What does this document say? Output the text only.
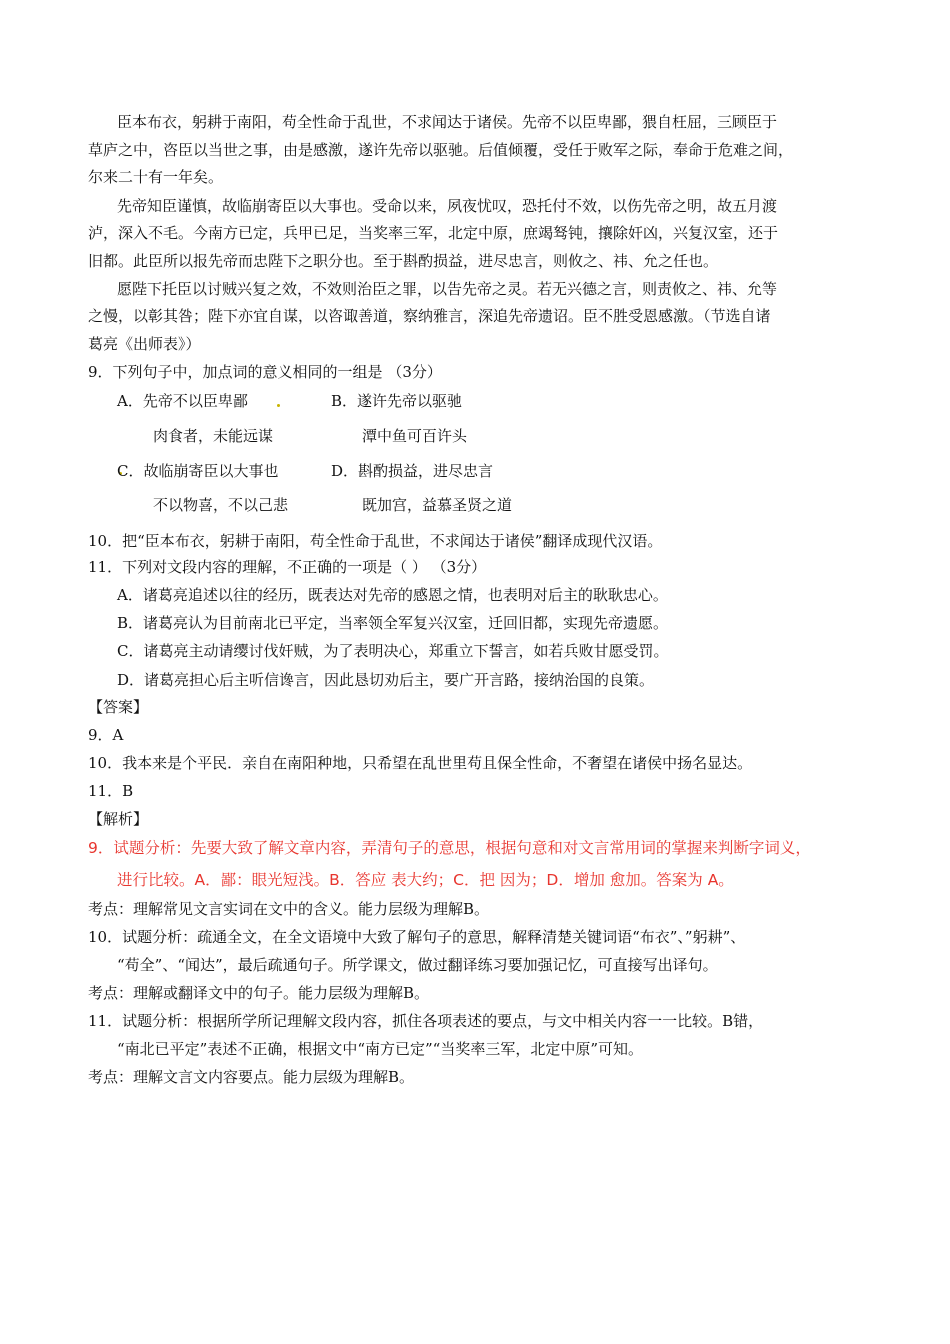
臣本布衣，躬耕于南阳，苟全性命于乱世，不求闻达于诸侯。先帝不以臣卑鄙，猥自枉屈，三顾臣于
草庐之中，咨臣以当世之事，由是感激，遂许先帝以驱驰。后值倾覆，受任于败军之际，奉命于危难之间，
尔来二十有一年矣。
先帝知臣谨慎，故临崩寄臣以大事也。受命以来，夙夜忧叹，恐托付不效，以伤先帝之明，故五月渡
泸，深入不毛。今南方已定，兵甲已足，当奖率三军，北定中原，庶竭驽钝，攘除奸凶，兴复汉室，还于
旧都。此臣所以报先帝而忠陛下之职分也。至于斟酌损益，进尽忠言，则攸之、祎、允之任也。
愿陛下托臣以讨贼兴复之效，不效则治臣之罪，以告先帝之灵。若无兴德之言，则责攸之、祎、允等
之慢，以彰其咎；陛下亦宜自谋，以咨诹善道，察纳雅言，深追先帝遗诏。臣不胜受恩感激。（节选自诸
葛亮《出师表》）
9．下列句子中，加点词的意义相同的一组是 （3分）
A．先帝不以臣卑鄙	B．遂许先帝以驱驰
肉食者，未能远谋	潭中鱼可百许头
C．故临崩寄臣以大事也	D．斟酌损益，进尽忠言
不以物喜，不以己悲	既加宫，益慕圣贤之道
10．把“臣本布衣，躬耕于南阳，苟全性命于乱世，不求闻达于诸侯”翻译成现代汉语。
11．下列对文段内容的理解，不正确的一项是（ ） （3分）
A．诸葛亮追述以往的经历，既表达对先帝的感恩之情，也表明对后主的耿耿忠心。
B．诸葛亮认为目前南北已平定，当率领全军复兴汉室，迁回旧都，实现先帝遗愿。
C．诸葛亮主动请缨讨伐奸贼，为了表明决心，郑重立下誓言，如若兵败甘愿受罚。
D．诸葛亮担心后主听信谗言，因此恳切劝后主，要广开言路，接纳治国的良策。
【答案】
9．A
10．我本来是个平民．亲自在南阳种地，只希望在乱世里苟且保全性命，不奢望在诸侯中扬名显达。
11．B
【解析】
9．试题分析：先要大致了解文章内容，弄清句子的意思，根据句意和对文言常用词的掌握来判断字词义，
进行比较。A．鄙：眼光短浅。B．答应 表大约；C．把 因为；D．增加 愈加。答案为 A。
考点：理解常见文言实词在文中的含义。能力层级为理解B。
10．试题分析：疏通全文，在全文语境中大致了解句子的意思，解释清楚关键词语“布衣”、”躬耕”、
“苟全”、“闻达”，最后疏通句子。所学课文，做过翻译练习要加强记忆，可直接写出译句。
考点：理解或翻译文中的句子。能力层级为理解B。
11．试题分析：根据所学所记理解文段内容，抓住各项表述的要点，与文中相关内容一一比较。B错，
“南北已平定”表述不正确，根据文中“南方已定”“当奖率三军，北定中原”可知。
考点：理解文言文内容要点。能力层级为理解B。
